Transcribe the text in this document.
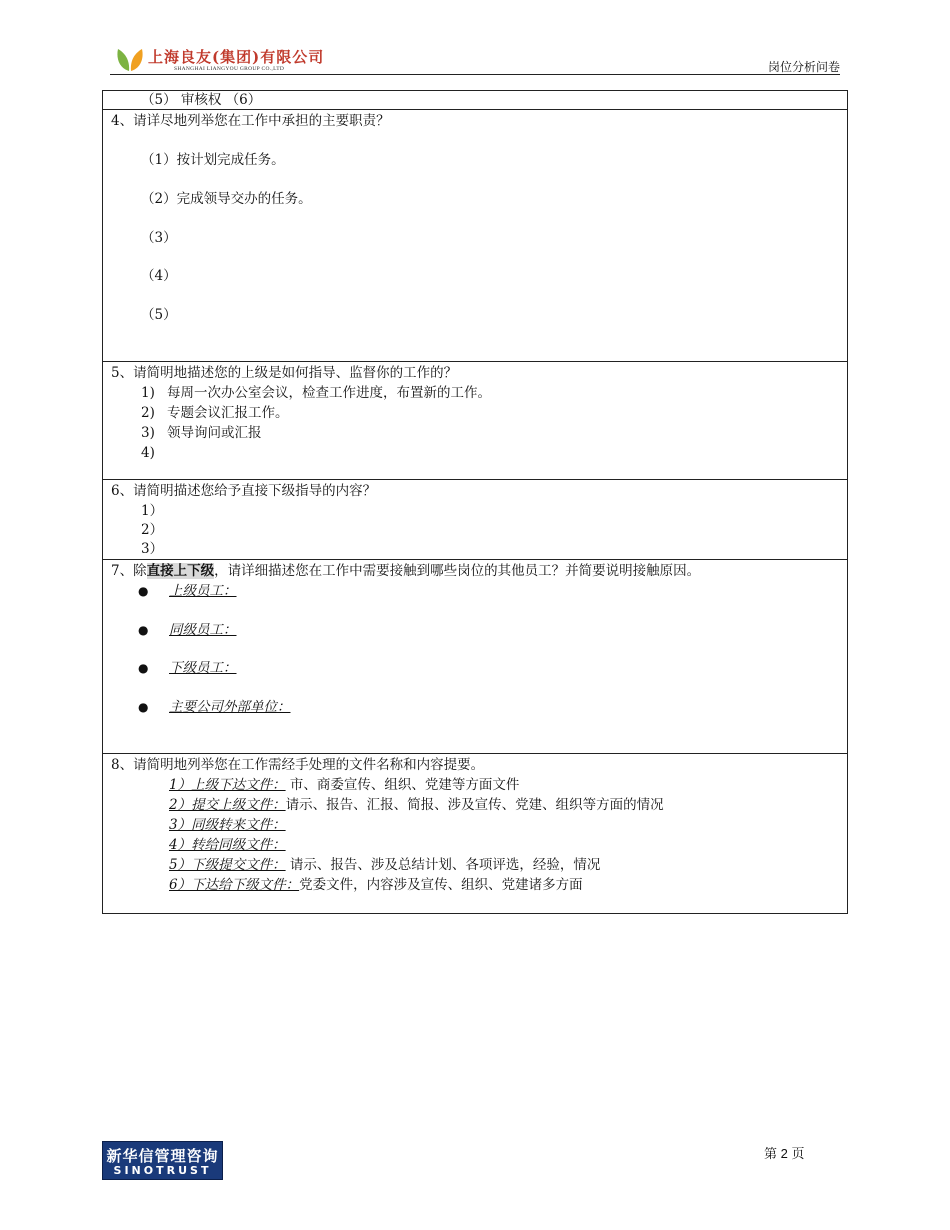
上海良友(集团)有限公司
SHANGHAI LIANGYOU GROUP CO.,LTD	岗位分析问卷
（5） 审核权 （6）
4、请详尽地列举您在工作中承担的主要职责？
（1）按计划完成任务。
（2）完成领导交办的任务。
（3）
（4）
（5）
5、请简明地描述您的上级是如何指导、监督你的工作的？
1) 每周一次办公室会议，检查工作进度，布置新的工作。
2) 专题会议汇报工作。
3) 领导询问或汇报
4)
6、请简明描述您给予直接下级指导的内容？
1）
2）
3）
7、除直接上下级，请详细描述您在工作中需要接触到哪些岗位的其他员工？并简要说明接触原因。
● 上级员工：
● 同级员工：
● 下级员工：
● 主要公司外部单位：
8、请简明地列举您在工作需经手处理的文件名称和内容提要。
1）上级下达文件： 市、商委宣传、组织、党建等方面文件
2）提交上级文件：请示、报告、汇报、简报、涉及宣传、党建、组织等方面的情况
3）同级转来文件：
4）转给同级文件：
5）下级提交文件： 请示、报告、涉及总结计划、各项评选，经验，情况
6）下达给下级文件：党委文件，内容涉及宣传、组织、党建诸多方面
新华信管理咨询
SINOTRUST
第 2 页
